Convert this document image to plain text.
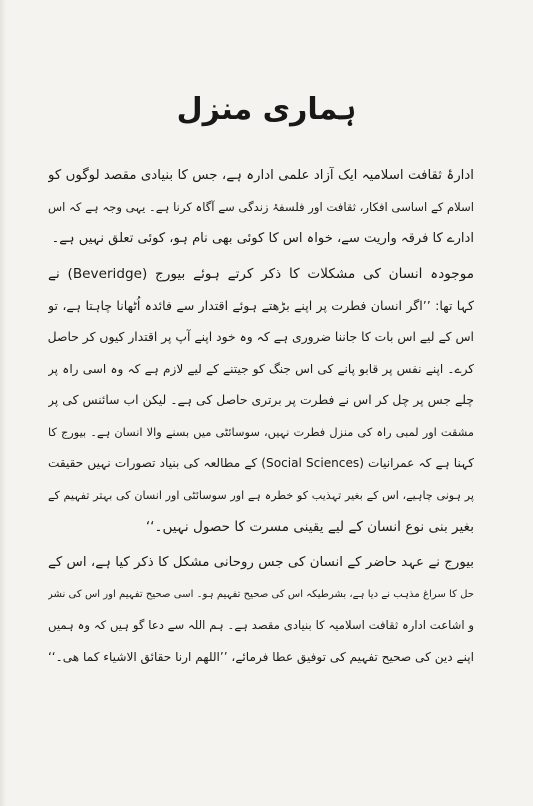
ہماری منزل
ادارۂ ثقافت اسلامیہ ایک آزاد علمی ادارہ ہے، جس کا بنیادی مقصد لوگوں کو
اسلام کے اساسی افکار، ثقافت اور فلسفۂ زندگی سے آگاہ کرنا ہے۔ یہی وجہ ہے کہ اس
ادارے کا فرقہ واریت سے، خواہ اس کا کوئی بھی نام ہو، کوئی تعلق نہیں ہے۔
موجودہ انسان کی مشکلات کا ذکر کرتے ہوئے بیورج (Beveridge) نے
کہا تھا: ’’اگر انسان فطرت پر اپنے بڑھتے ہوئے اقتدار سے فائدہ اُٹھانا چاہتا ہے، تو
اس کے لیے اس بات کا جاننا ضروری ہے کہ وہ خود اپنے آپ پر اقتدار کیوں کر حاصل
کرے۔ اپنے نفس پر قابو پانے کی اس جنگ کو جیتنے کے لیے لازم ہے کہ وہ اسی راہ پر
چلے جس پر چل کر اس نے فطرت پر برتری حاصل کی ہے۔ لیکن اب سائنس کی پر
مشقت اور لمبی راہ کی منزل فطرت نہیں، سوسائٹی میں بسنے والا انسان ہے۔ بیورج کا
کہنا ہے کہ عمرانیات (Social Sciences) کے مطالعہ کی بنیاد تصورات نہیں حقیقت
پر ہونی چاہیے، اس کے بغیر تہذیب کو خطرہ ہے اور سوسائٹی اور انسان کی بہتر تفہیم کے
بغیر بنی نوع انسان کے لیے یقینی مسرت کا حصول نہیں۔‘‘
بیورج نے عہد حاضر کے انسان کی جس روحانی مشکل کا ذکر کیا ہے، اس کے
حل کا سراغ مذہب نے دیا ہے، بشرطیکہ اس کی صحیح تفہیم ہو۔ اسی صحیح تفہیم اور اس کی نشر
و اشاعت ادارہ ثقافت اسلامیہ کا بنیادی مقصد ہے۔ ہم اللہ سے دعا گو ہیں کہ وہ ہمیں
اپنے دین کی صحیح تفہیم کی توفیق عطا فرمائے، ’’اللھم ارنا حقائق الاشیاء کما ھی۔‘‘
